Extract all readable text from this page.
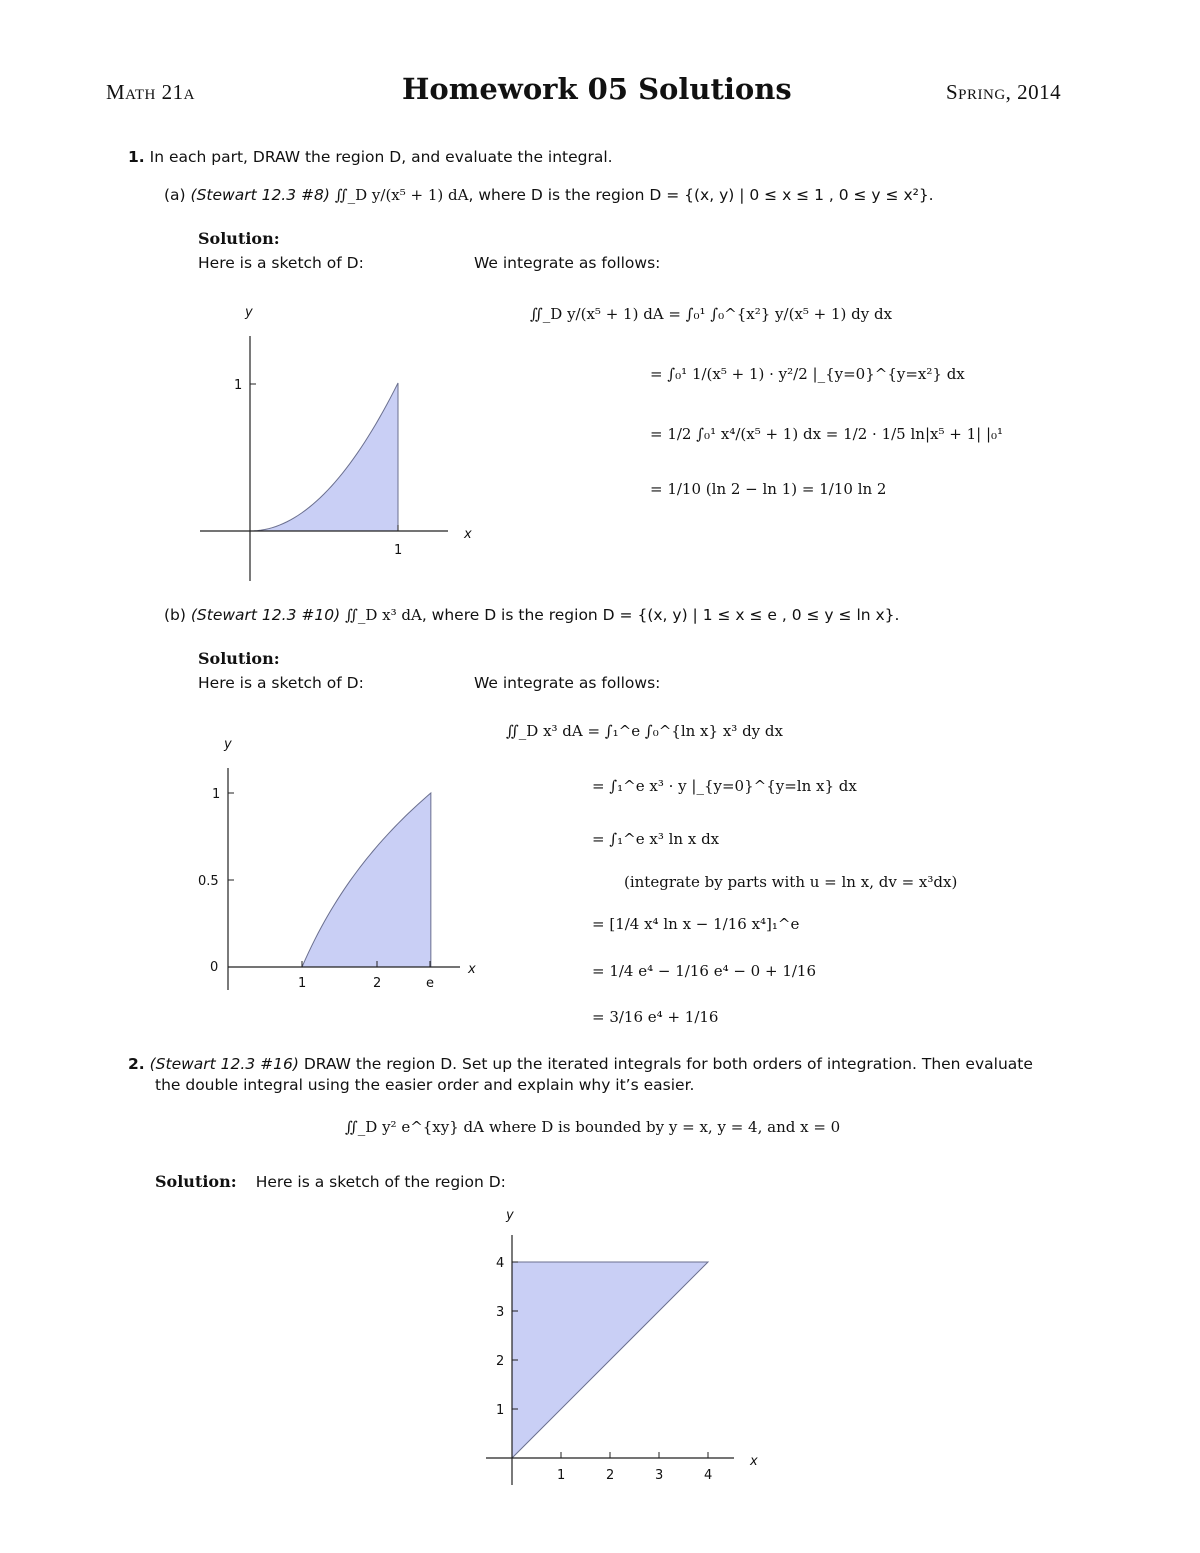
Math 21a	Homework 05 Solutions	Spring, 2014
1. In each part, DRAW the region D, and evaluate the integral.
(a) (Stewart 12.3 #8) ∬_D y/(x⁵ + 1) dA, where D is the region D = {(x, y) | 0 ≤ x ≤ 1 , 0 ≤ y ≤ x²}.
Solution:
Here is a sketch of D:	We integrate as follows:
y
x
1
1
∬_D y/(x⁵ + 1) dA = ∫₀¹ ∫₀^{x²} y/(x⁵ + 1) dy dx
= ∫₀¹ 1/(x⁵ + 1) · y²/2 |_{y=0}^{y=x²} dx
= 1/2 ∫₀¹ x⁴/(x⁵ + 1) dx = 1/2 · 1/5 ln|x⁵ + 1| |₀¹
= 1/10 (ln 2 − ln 1) = 1/10 ln 2
(b) (Stewart 12.3 #10) ∬_D x³ dA, where D is the region D = {(x, y) | 1 ≤ x ≤ e , 0 ≤ y ≤ ln x}.
Solution:
Here is a sketch of D:	We integrate as follows:
y
x
0
0.5
1
1	2	e
∬_D x³ dA = ∫₁^e ∫₀^{ln x} x³ dy dx
= ∫₁^e x³ · y |_{y=0}^{y=ln x} dx
= ∫₁^e x³ ln x dx
(integrate by parts with u = ln x, dv = x³dx)
= [1/4 x⁴ ln x − 1/16 x⁴]₁^e
= 1/4 e⁴ − 1/16 e⁴ − 0 + 1/16
= 3/16 e⁴ + 1/16
2. (Stewart 12.3 #16) DRAW the region D. Set up the iterated integrals for both orders of integration. Then evaluate
the double integral using the easier order and explain why it’s easier.
∬_D y² e^{xy} dA where D is bounded by y = x, y = 4, and x = 0
Solution: Here is a sketch of the region D:
y
x
1
2
3
4
1	2	3	4
